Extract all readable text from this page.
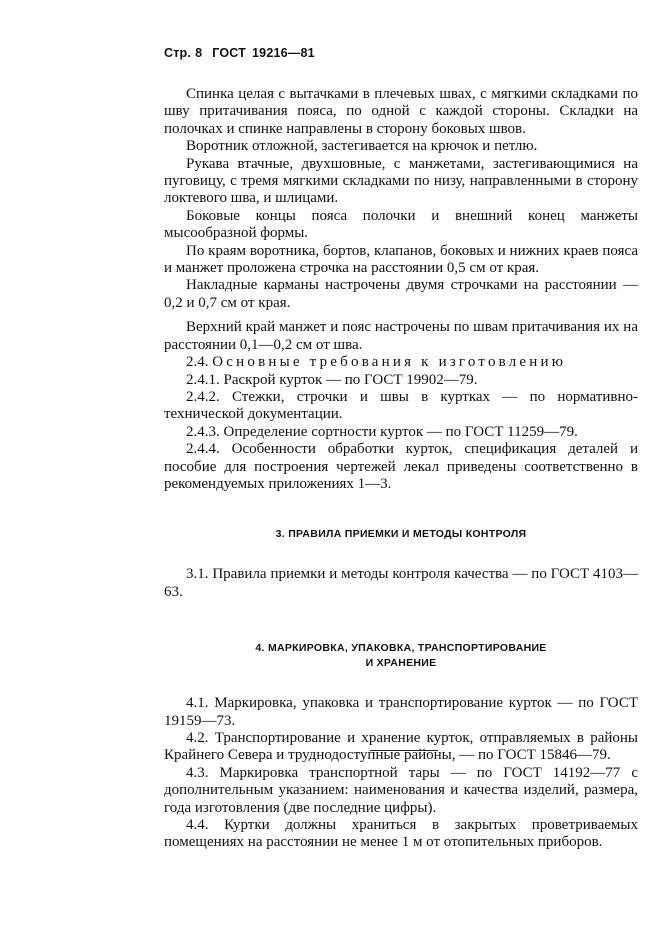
Стр. 8 ГОСТ 19216—81

Спинка целая с вытачками в плечевых швах, с мягкими складками по шву притачивания пояса, по одной с каждой стороны. Складки на полочках и спинке направлены в сторону боковых швов.

Воротник отложной, застегивается на крючок и петлю.

Рукава втачные, двухшовные, с манжетами, застегивающимися на пуговицу, с тремя мягкими складками по низу, направленными в сторону локтевого шва, и шлицами.

Боковые концы пояса полочки и внешний конец манжеты мысообразной формы.

По краям воротника, бортов, клапанов, боковых и нижних краев пояса и манжет проложена строчка на расстоянии 0,5 см от края.

Накладные карманы настрочены двумя строчками на расстоянии — 0,2 и 0,7 см от края.

Верхний край манжет и пояс настрочены по швам притачивания их на расстоянии 0,1—0,2 см от шва.

2.4. Основные требования к изготовлению

2.4.1. Раскрой курток — по ГОСТ 19902—79.

2.4.2. Стежки, строчки и швы в куртках — по нормативно-технической документации.

2.4.3. Определение сортности курток — по ГОСТ 11259—79.

2.4.4. Особенности обработки курток, спецификация деталей и пособие для построения чертежей лекал приведены соответственно в рекомендуемых приложениях 1—3.

3. ПРАВИЛА ПРИЕМКИ И МЕТОДЫ КОНТРОЛЯ

3.1. Правила приемки и методы контроля качества — по ГОСТ 4103—63.

4. МАРКИРОВКА, УПАКОВКА, ТРАНСПОРТИРОВАНИЕ
И ХРАНЕНИЕ

4.1. Маркировка, упаковка и транспортирование курток — по ГОСТ 19159—73.

4.2. Транспортирование и хранение курток, отправляемых в районы Крайнего Севера и труднодоступные районы, — по ГОСТ 15846—79.

4.3. Маркировка транспортной тары — по ГОСТ 14192—77 с дополнительным указанием: наименования и качества изделий, размера, года изготовления (две последние цифры).

4.4. Куртки должны храниться в закрытых проветриваемых помещениях на расстоянии не менее 1 м от отопительных приборов.
